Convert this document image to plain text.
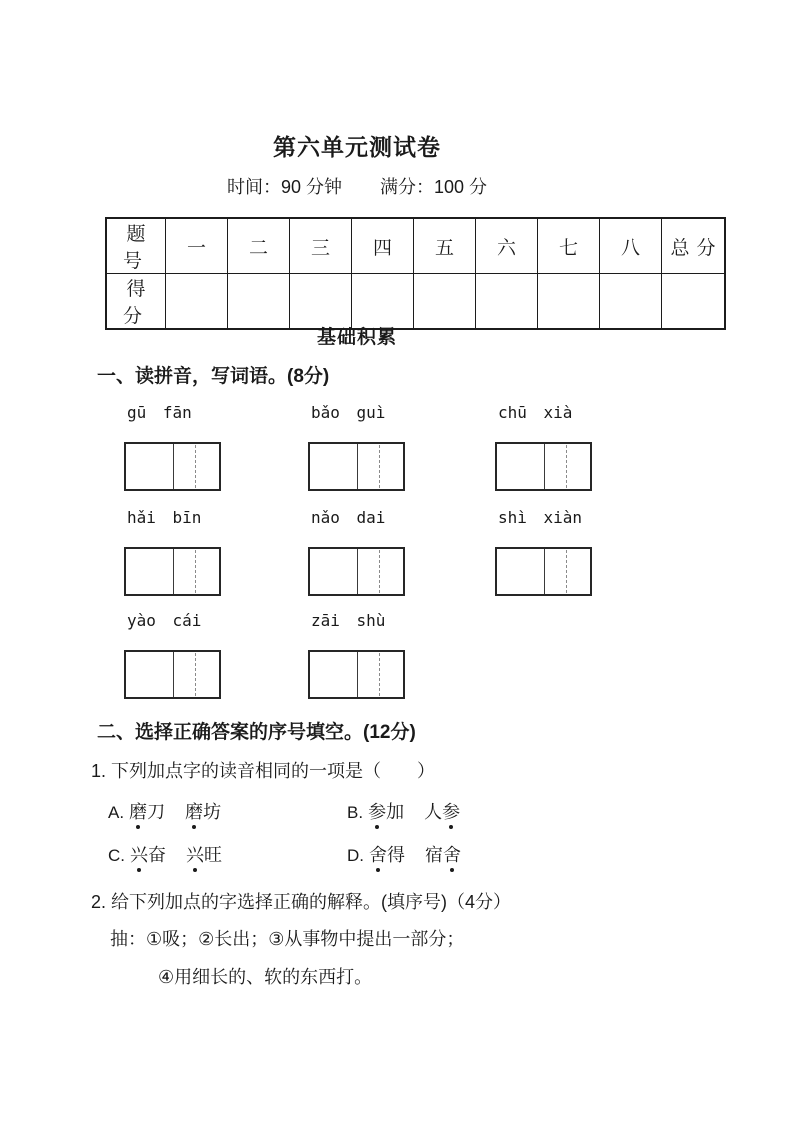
第六单元测试卷
时间：90 分钟 满分：100 分
题号	一	二	三	四	五	六	七	八	总分
得分									
基础积累
一、读拼音，写词语。(8分)
gū fān	bǎo guì	chū xià
hǎi bīn	nǎo dai	shì xiàn
yào cái	zāi shù
二、选择正确答案的序号填空。(12分)
1. 下列加点字的读音相同的一项是（　　）
A. 磨刀 磨坊	B. 参加 人参
C. 兴奋 兴旺	D. 舍得 宿舍
2. 给下列加点的字选择正确的解释。(填序号)（4分）
抽：①吸；②长出；③从事物中提出一部分；
④用细长的、软的东西打。
